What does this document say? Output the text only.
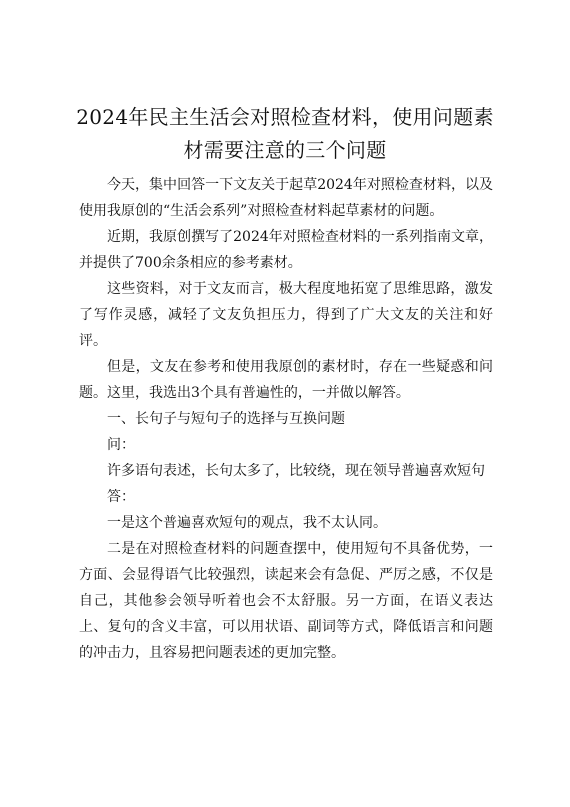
2024年民主生活会对照检查材料，使用问题素材需要注意的三个问题

今天，集中回答一下文友关于起草2024年对照检查材料，以及使用我原创的“生活会系列”对照检查材料起草素材的问题。

近期，我原创撰写了2024年对照检查材料的一系列指南文章，并提供了700余条相应的参考素材。

这些资料，对于文友而言，极大程度地拓宽了思维思路，激发了写作灵感，减轻了文友负担压力，得到了广大文友的关注和好评。

但是，文友在参考和使用我原创的素材时，存在一些疑惑和问题。这里，我选出3个具有普遍性的，一并做以解答。

一、长句子与短句子的选择与互换问题

问：

许多语句表述，长句太多了，比较绕，现在领导普遍喜欢短句

答：

一是这个普遍喜欢短句的观点，我不太认同。

二是在对照检查材料的问题查摆中，使用短句不具备优势，一方面、会显得语气比较强烈，读起来会有急促、严厉之感，不仅是自己，其他参会领导听着也会不太舒服。另一方面，在语义表达上、复句的含义丰富，可以用状语、副词等方式，降低语言和问题的冲击力，且容易把问题表述的更加完整。
